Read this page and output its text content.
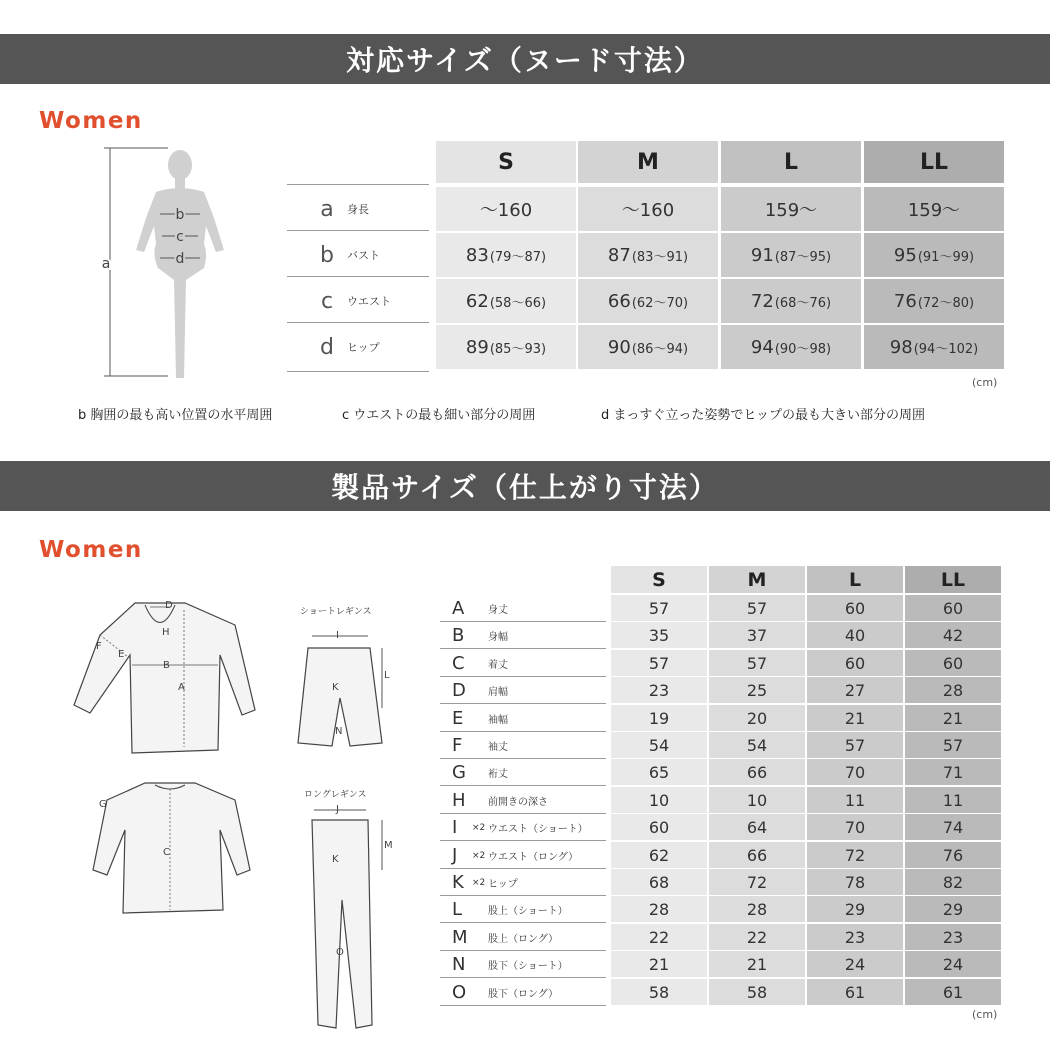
対応サイズ（ヌード寸法）
Women
a
b
c
d
S	M	L	LL
a	身長	～160	～160	159～	159～
b	バスト	83 (79～87)	87 (83～91)	91 (87～95)	95 (91～99)
c	ウエスト	62 (58～66)	66 (62～70)	72 (68～76)	76 (72～80)
d	ヒップ	89 (85～93)	90 (86～94)	94 (90～98)	98 (94～102)
(cm)
b 胸囲の最も高い位置の水平周囲	c ウエストの最も細い部分の周囲	d まっすぐ立った姿勢でヒップの最も大きい部分の周囲
製品サイズ（仕上がり寸法）
Women
D
H
F
E
B
A
G
C
ショートレギンス
I
K
L
N
ロングレギンス
J
K
M
O
S	M	L	LL
A	身丈	57	57	60	60
B	身幅	35	37	40	42
C	着丈	57	57	60	60
D	肩幅	23	25	27	28
E	袖幅	19	20	21	21
F	袖丈	54	54	57	57
G	裄丈	65	66	70	71
H	前開きの深さ	10	10	11	11
I	×2 ウエスト（ショート）	60	64	70	74
J	×2 ウエスト（ロング）	62	66	72	76
K ×2 ヒップ	68	72	78	82
L	股上（ショート）	28	28	29	29
M	股上（ロング）	22	22	23	23
N	股下（ショート）	21	21	24	24
O	股下（ロング）	58	58	61	61
(cm)
